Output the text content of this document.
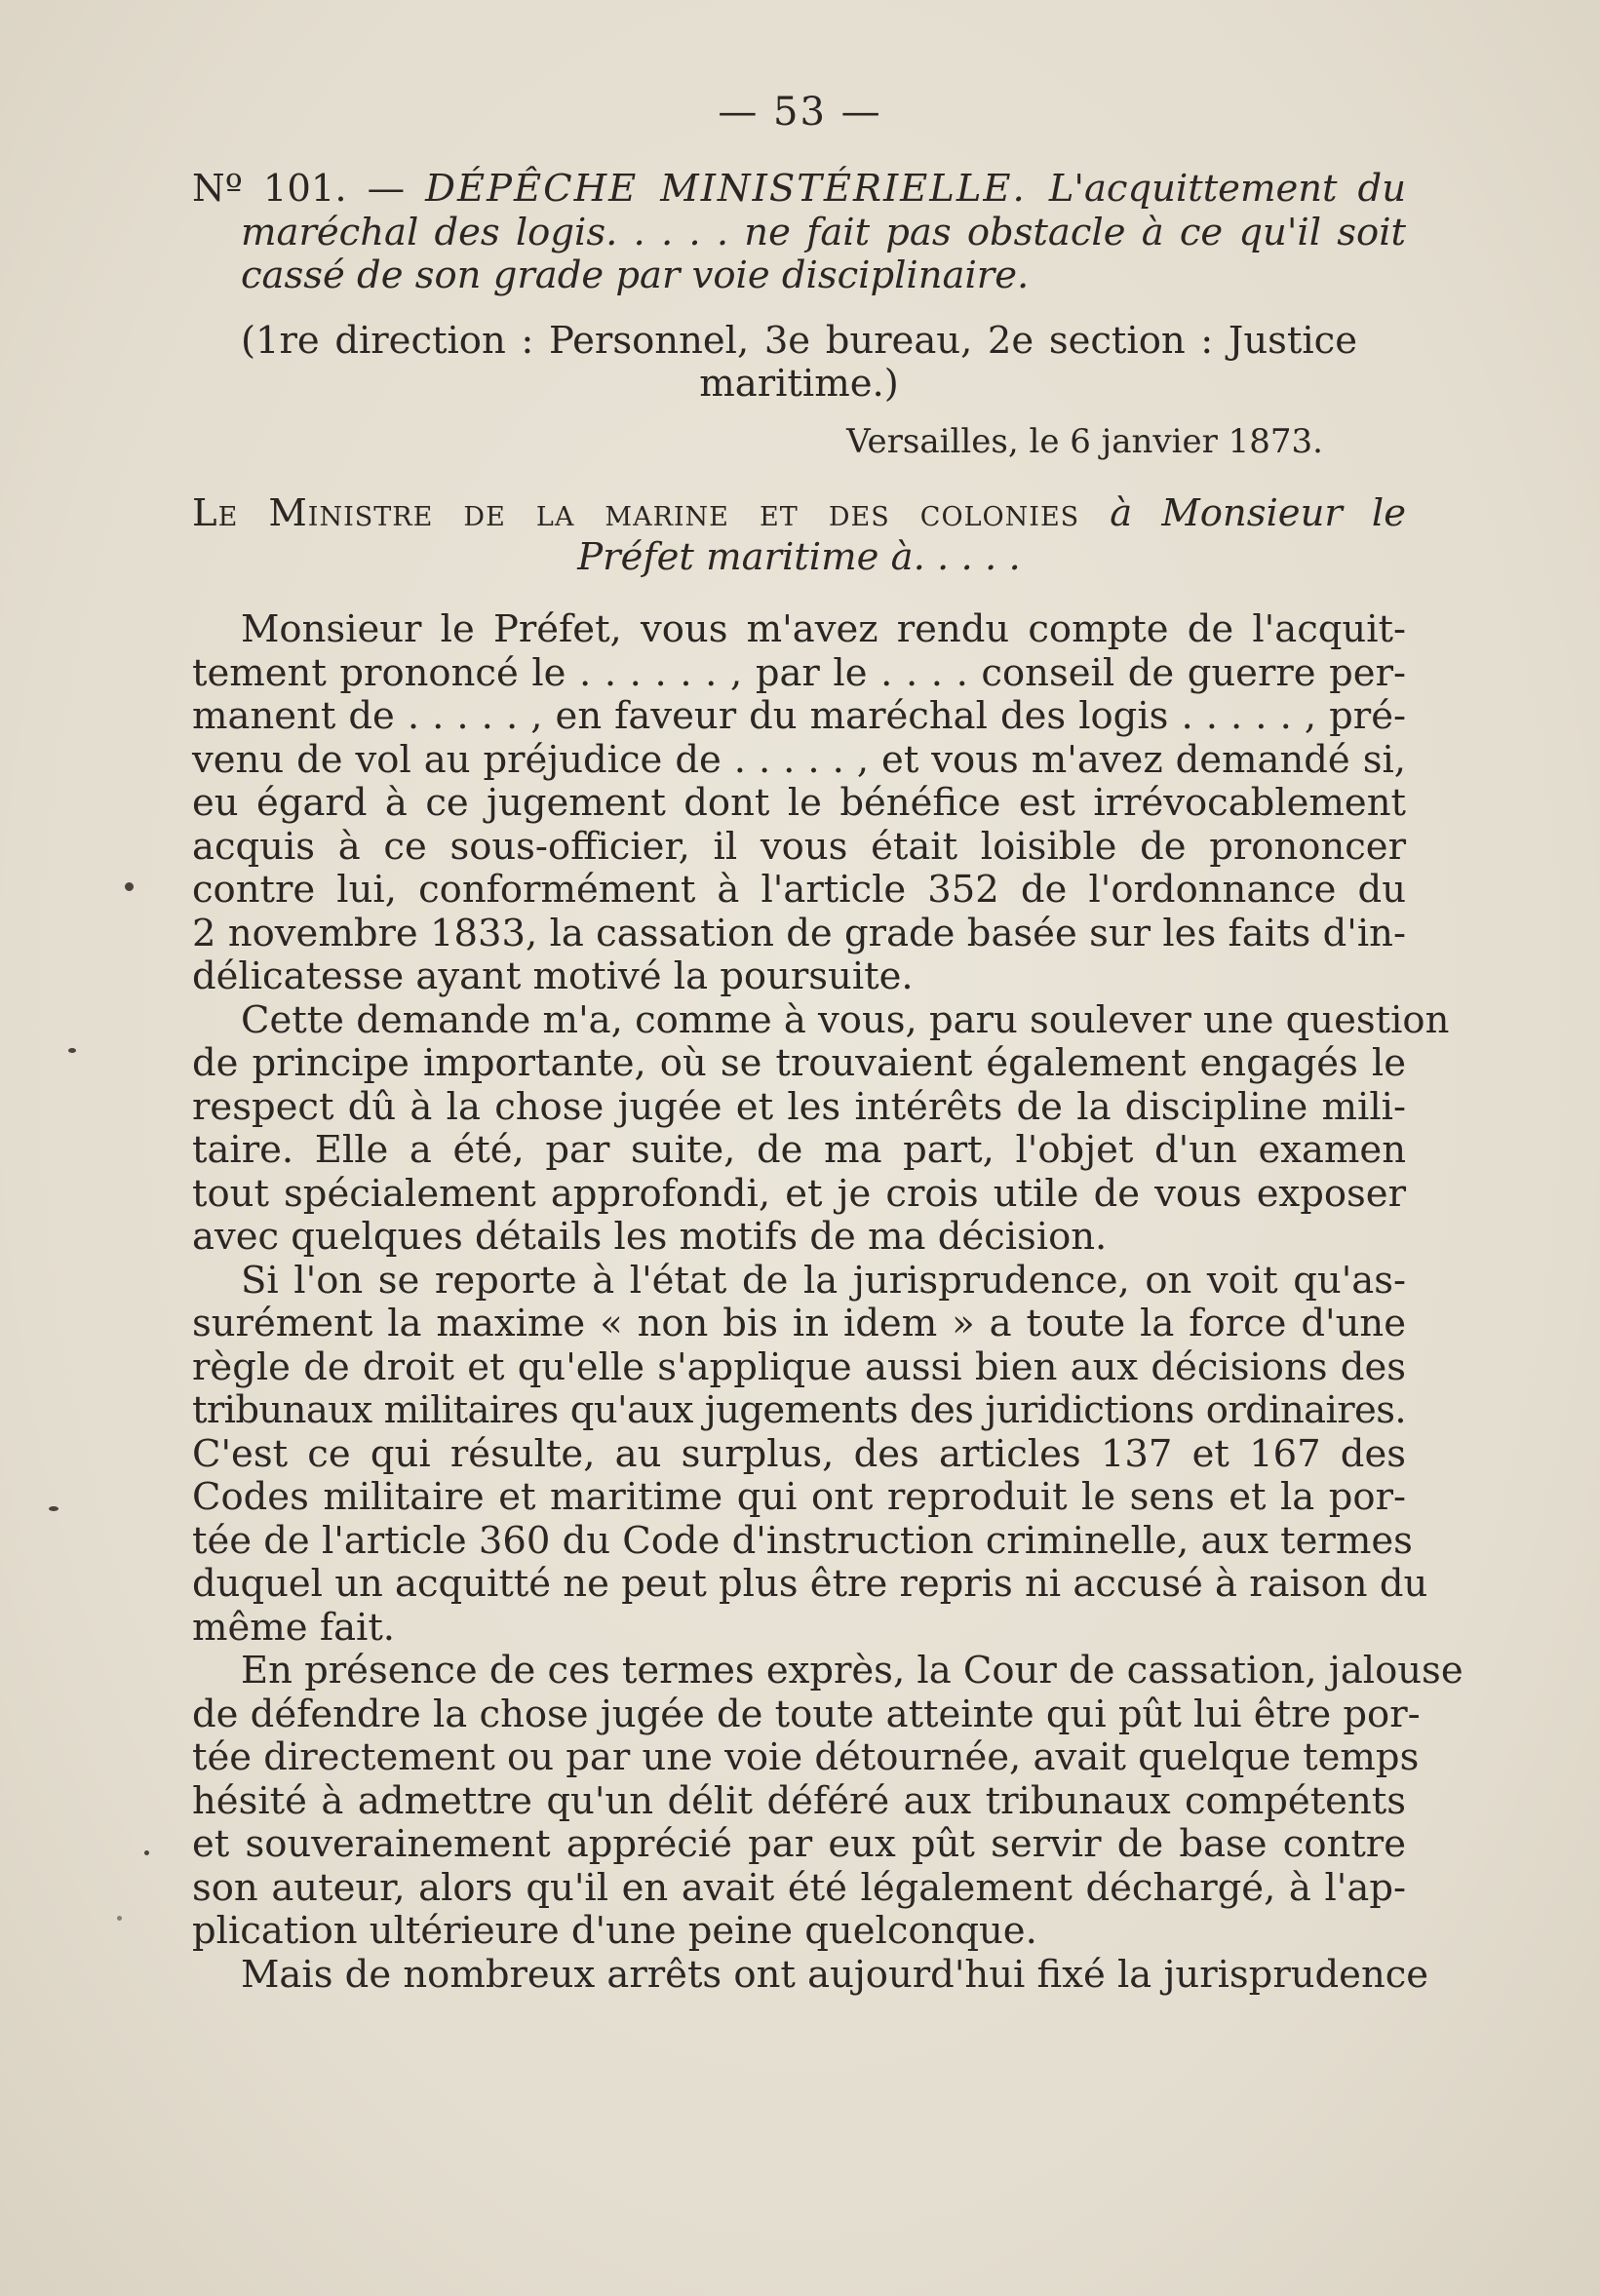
— 53 —
Nº 101. — DÉPÊCHE MINISTÉRIELLE. L'acquittement du
maréchal des logis. . . . . ne fait pas obstacle à ce qu'il soit
cassé de son grade par voie disciplinaire.
(1re direction : Personnel, 3e bureau, 2e section : Justice
maritime.)
Versailles, le 6 janvier 1873.
Le Ministre de la marine et des colonies à Monsieur le
Préfet maritime à. . . . .
Monsieur le Préfet, vous m'avez rendu compte de l'acquit-
tement prononcé le . . . . . . , par le . . . . conseil de guerre per-
manent de . . . . . , en faveur du maréchal des logis . . . . . , pré-
venu de vol au préjudice de . . . . . , et vous m'avez demandé si,
eu égard à ce jugement dont le bénéfice est irrévocablement
acquis à ce sous-officier, il vous était loisible de prononcer
contre lui, conformément à l'article 352 de l'ordonnance du
2 novembre 1833, la cassation de grade basée sur les faits d'in-
délicatesse ayant motivé la poursuite.
Cette demande m'a, comme à vous, paru soulever une question
de principe importante, où se trouvaient également engagés le
respect dû à la chose jugée et les intérêts de la discipline mili-
taire. Elle a été, par suite, de ma part, l'objet d'un examen
tout spécialement approfondi, et je crois utile de vous exposer
avec quelques détails les motifs de ma décision.
Si l'on se reporte à l'état de la jurisprudence, on voit qu'as-
surément la maxime « non bis in idem » a toute la force d'une
règle de droit et qu'elle s'applique aussi bien aux décisions des
tribunaux militaires qu'aux jugements des juridictions ordinaires.
C'est ce qui résulte, au surplus, des articles 137 et 167 des
Codes militaire et maritime qui ont reproduit le sens et la por-
tée de l'article 360 du Code d'instruction criminelle, aux termes
duquel un acquitté ne peut plus être repris ni accusé à raison du
même fait.
En présence de ces termes exprès, la Cour de cassation, jalouse
de défendre la chose jugée de toute atteinte qui pût lui être por-
tée directement ou par une voie détournée, avait quelque temps
hésité à admettre qu'un délit déféré aux tribunaux compétents
et souverainement apprécié par eux pût servir de base contre
son auteur, alors qu'il en avait été légalement déchargé, à l'ap-
plication ultérieure d'une peine quelconque.
Mais de nombreux arrêts ont aujourd'hui fixé la jurisprudence
